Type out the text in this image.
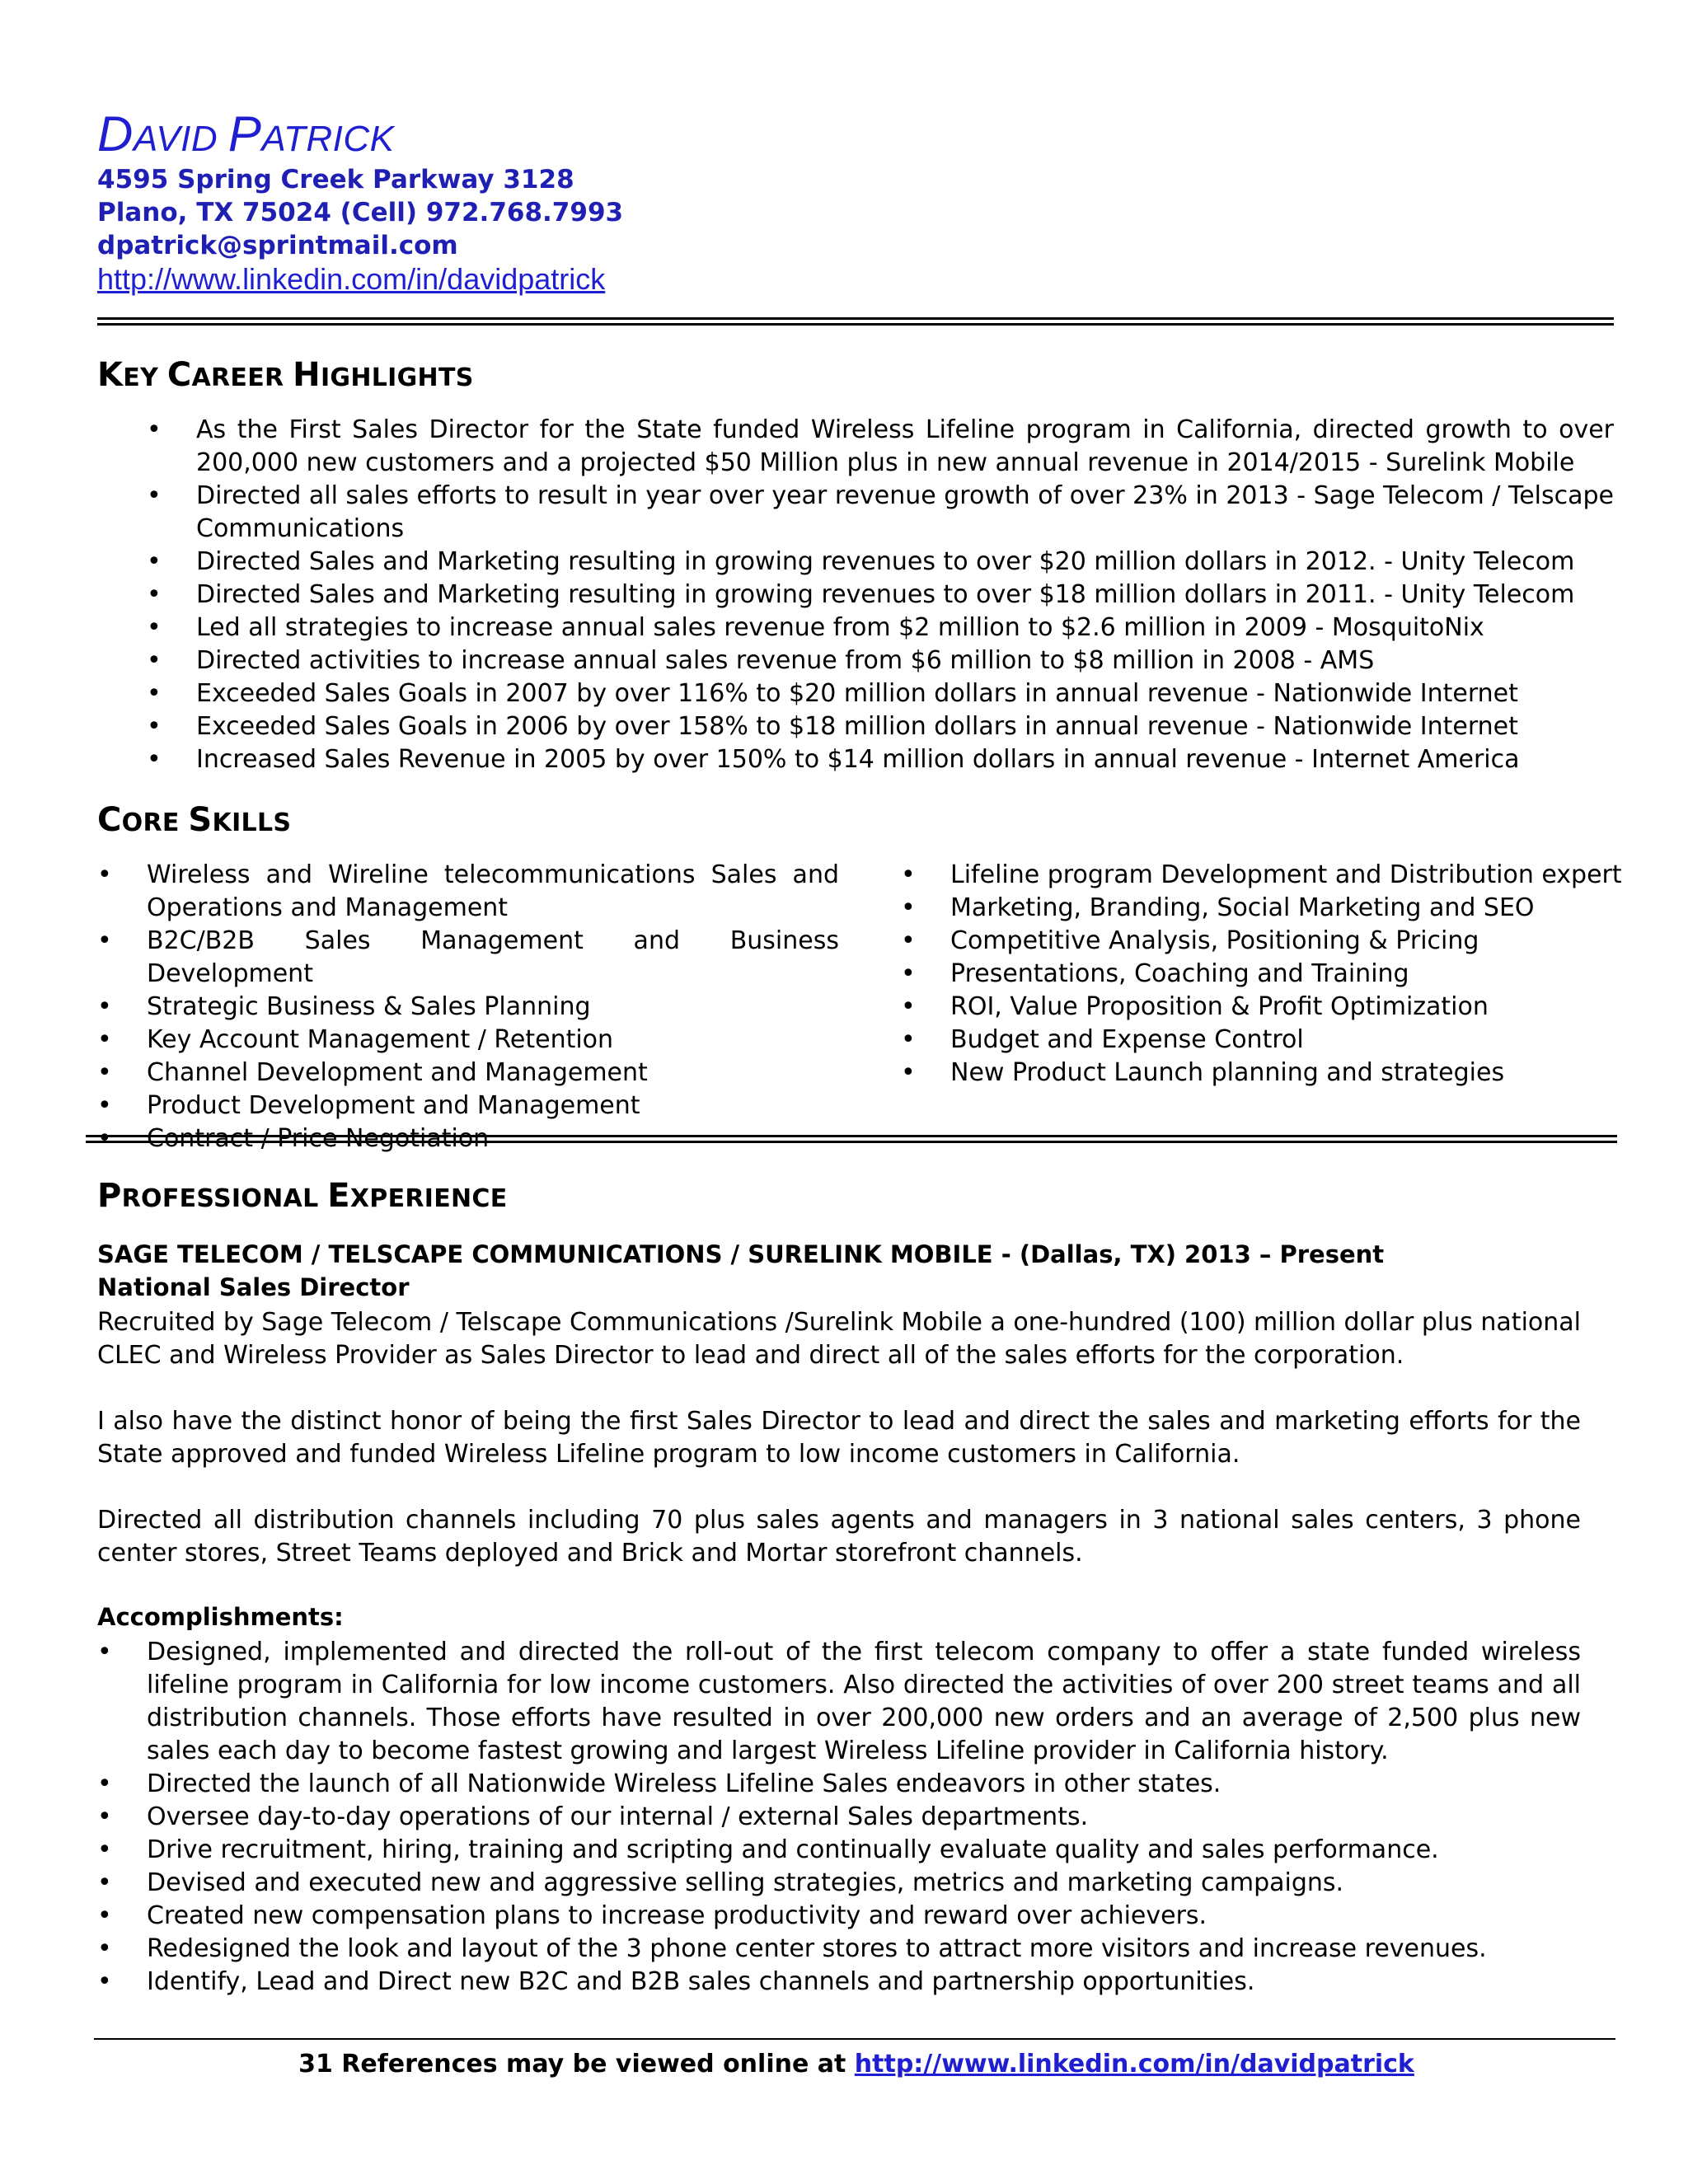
DAVID PATRICK
4595 Spring Creek Parkway 3128
Plano, TX 75024 (Cell) 972.768.7993
dpatrick@sprintmail.com
http://www.linkedin.com/in/davidpatrick
KEY CAREER HIGHLIGHTS
• As the First Sales Director for the State funded Wireless Lifeline program in California, directed growth to over 200,000 new customers and a projected $50 Million plus in new annual revenue in 2014/2015 - Surelink Mobile
• Directed all sales efforts to result in year over year revenue growth of over 23% in 2013 - Sage Telecom / Telscape Communications
• Directed Sales and Marketing resulting in growing revenues to over $20 million dollars in 2012. - Unity Telecom
• Directed Sales and Marketing resulting in growing revenues to over $18 million dollars in 2011. - Unity Telecom
• Led all strategies to increase annual sales revenue from $2 million to $2.6 million in 2009 - MosquitoNix
• Directed activities to increase annual sales revenue from $6 million to $8 million in 2008 - AMS
• Exceeded Sales Goals in 2007 by over 116% to $20 million dollars in annual revenue - Nationwide Internet
• Exceeded Sales Goals in 2006 by over 158% to $18 million dollars in annual revenue - Nationwide Internet
• Increased Sales Revenue in 2005 by over 150% to $14 million dollars in annual revenue - Internet America
CORE SKILLS
• Wireless and Wireline telecommunications Sales and Operations and Management
• B2C/B2B Sales Management and Business Development
• Strategic Business & Sales Planning
• Key Account Management / Retention
• Channel Development and Management
• Product Development and Management
• Contract / Price Negotiation
• Lifeline program Development and Distribution expert
• Marketing, Branding, Social Marketing and SEO
• Competitive Analysis, Positioning & Pricing
• Presentations, Coaching and Training
• ROI, Value Proposition & Profit Optimization
• Budget and Expense Control
• New Product Launch planning and strategies
PROFESSIONAL EXPERIENCE
SAGE TELECOM / TELSCAPE COMMUNICATIONS / SURELINK MOBILE - (Dallas, TX) 2013 – Present
National Sales Director

Recruited by Sage Telecom / Telscape Communications /Surelink Mobile a one-hundred (100) million dollar plus national CLEC and Wireless Provider as Sales Director to lead and direct all of the sales efforts for the corporation.

I also have the distinct honor of being the first Sales Director to lead and direct the sales and marketing efforts for the State approved and funded Wireless Lifeline program to low income customers in California.

Directed all distribution channels including 70 plus sales agents and managers in 3 national sales centers, 3 phone center stores, Street Teams deployed and Brick and Mortar storefront channels.

Accomplishments:
• Designed, implemented and directed the roll-out of the first telecom company to offer a state funded wireless lifeline program in California for low income customers. Also directed the activities of over 200 street teams and all distribution channels. Those efforts have resulted in over 200,000 new orders and an average of 2,500 plus new sales each day to become fastest growing and largest Wireless Lifeline provider in California history.
• Directed the launch of all Nationwide Wireless Lifeline Sales endeavors in other states.
• Oversee day-to-day operations of our internal / external Sales departments.
• Drive recruitment, hiring, training and scripting and continually evaluate quality and sales performance.
• Devised and executed new and aggressive selling strategies, metrics and marketing campaigns.
• Created new compensation plans to increase productivity and reward over achievers.
• Redesigned the look and layout of the 3 phone center stores to attract more visitors and increase revenues.
• Identify, Lead and Direct new B2C and B2B sales channels and partnership opportunities.
31 References may be viewed online at http://www.linkedin.com/in/davidpatrick
